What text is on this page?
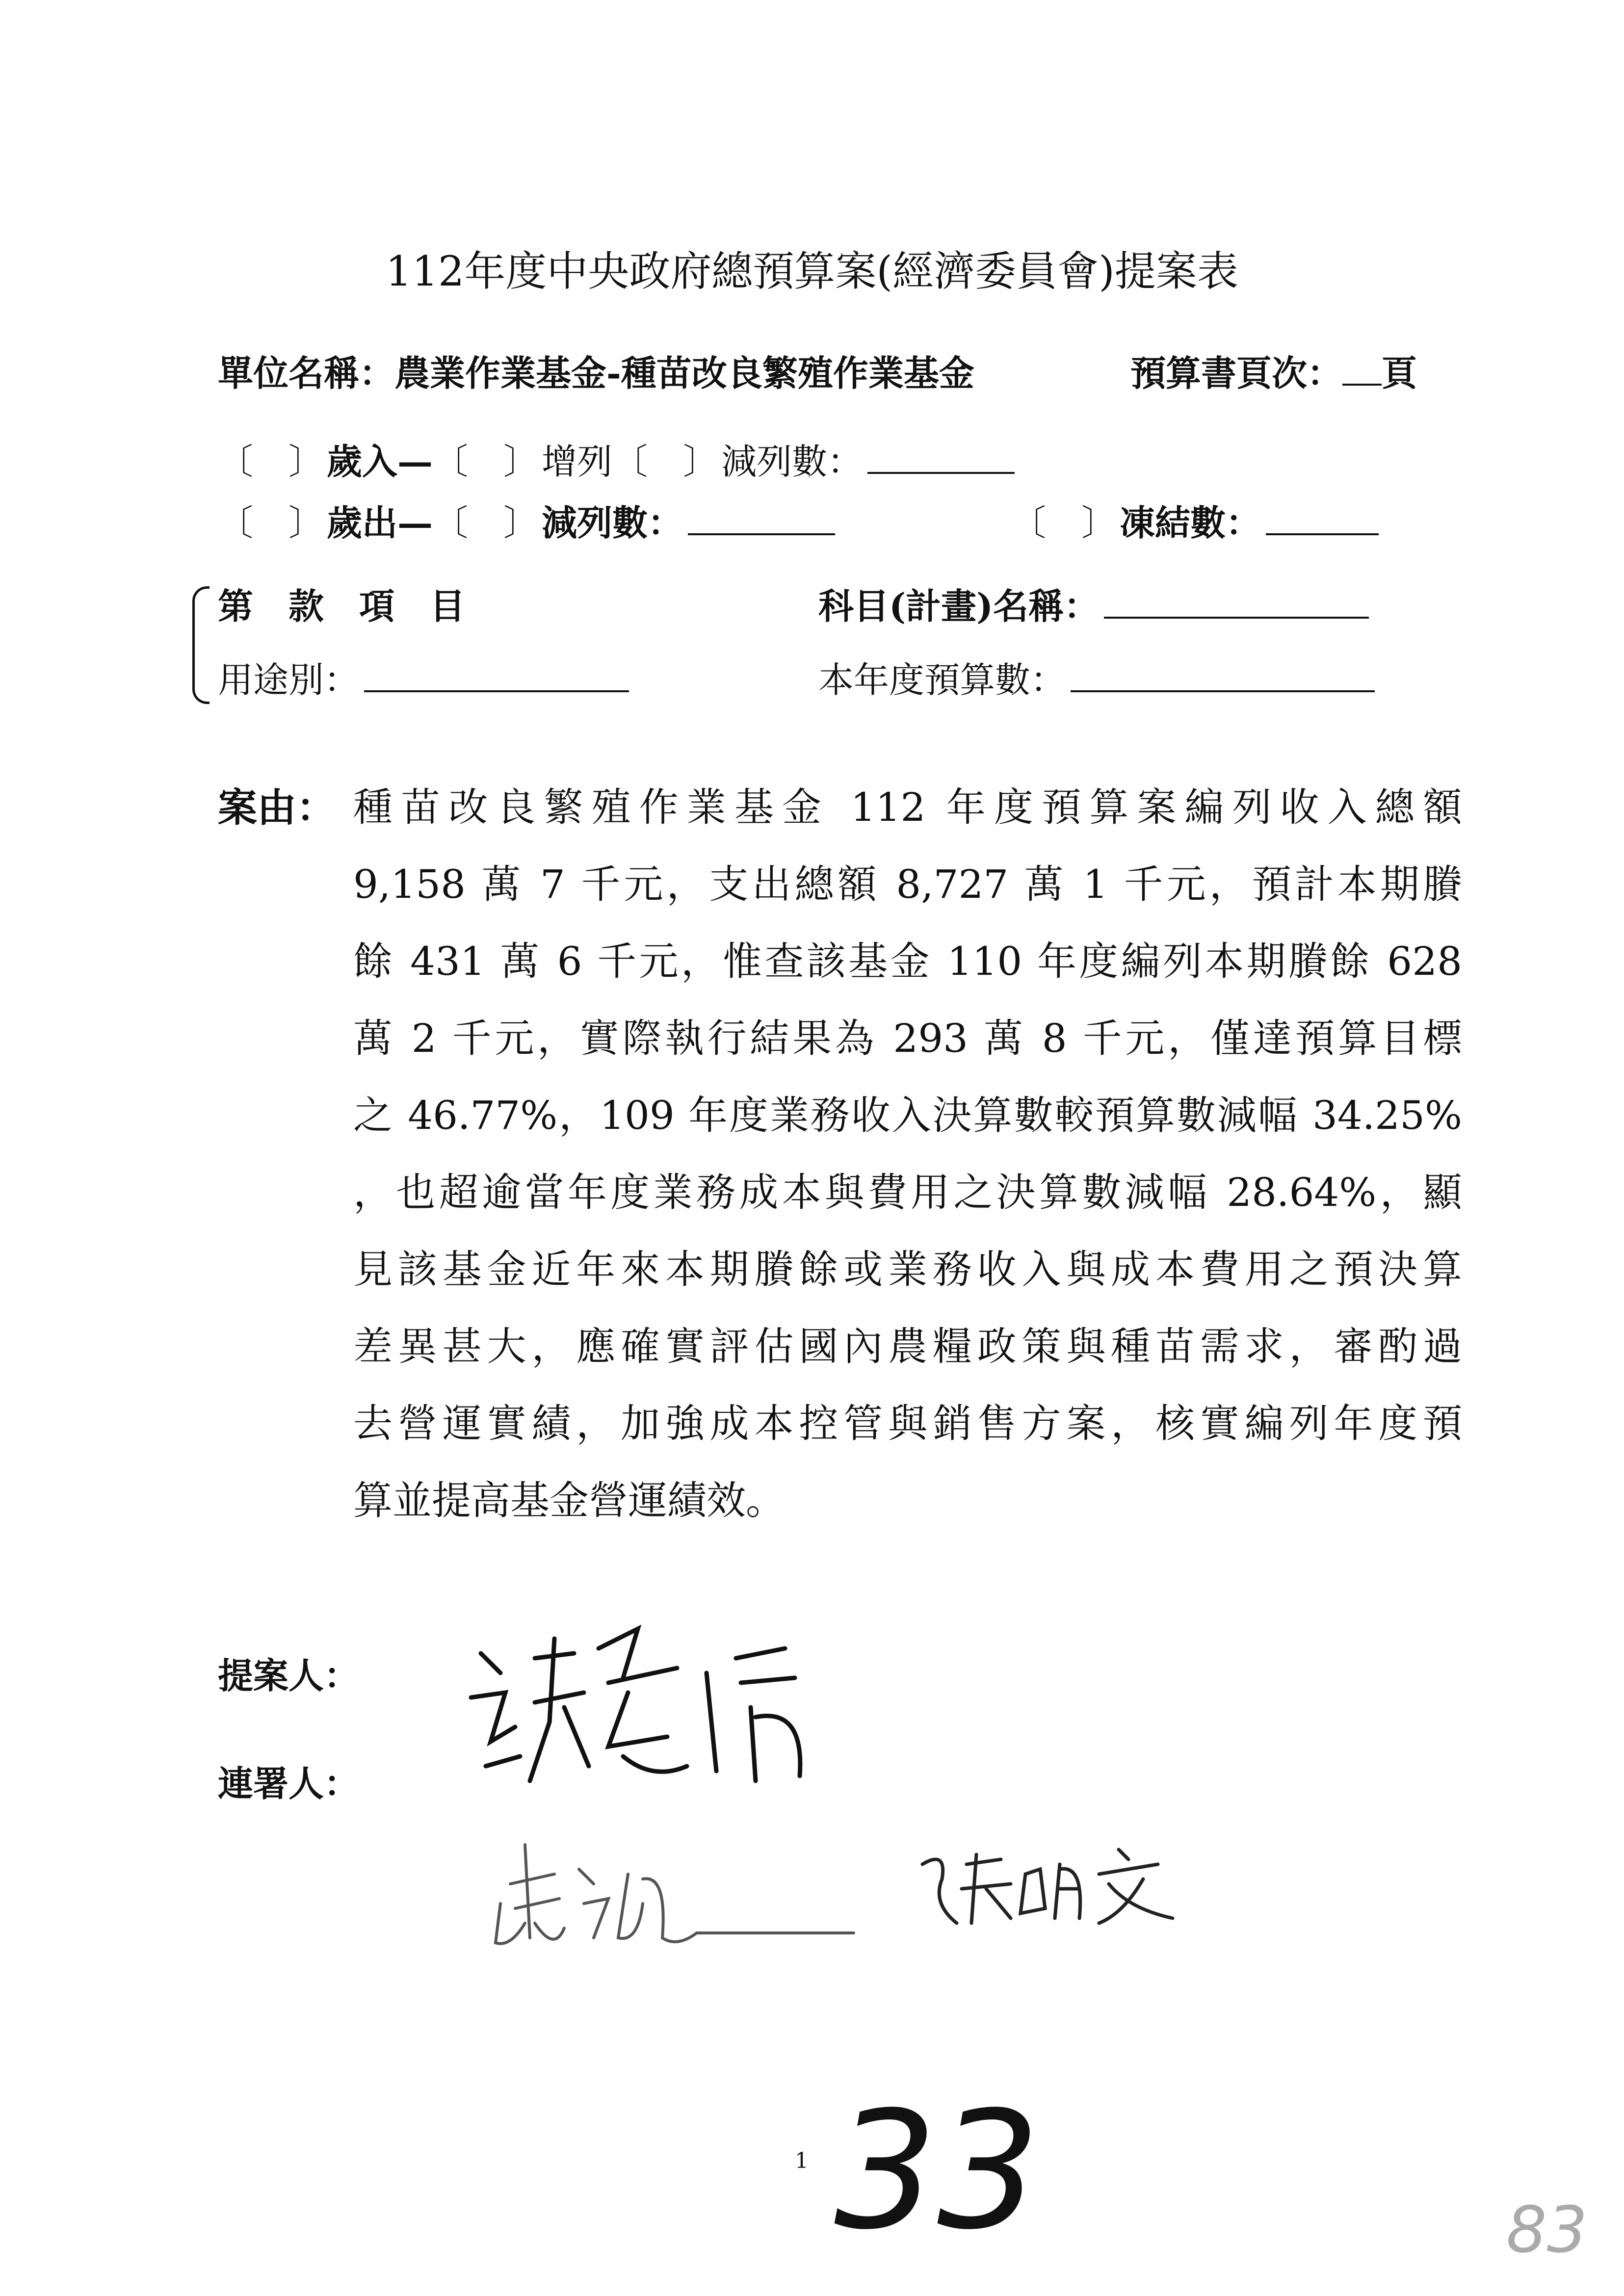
112年度中央政府總預算案(經濟委員會)提案表
單位名稱：農業作業基金-種苗改良繁殖作業基金	預算書頁次： 頁
〔　〕歲入—〔　〕增列〔　〕減列數：
〔　〕歲出—〔　〕減列數：	〔　〕凍結數：
第　款　項　目	科目(計畫)名稱：
用途別：	本年度預算數：
案由： 種苗改良繁殖作業基金 112 年度預算案編列收入總額
9,158 萬 7 千元，支出總額 8,727 萬 1 千元，預計本期賸
餘 431 萬 6 千元，惟查該基金 110 年度編列本期賸餘 628
萬 2 千元，實際執行結果為 293 萬 8 千元，僅達預算目標
之 46.77%，109 年度業務收入決算數較預算數減幅 34.25%
，也超逾當年度業務成本與費用之決算數減幅 28.64%，顯
見該基金近年來本期賸餘或業務收入與成本費用之預決算
差異甚大，應確實評估國內農糧政策與種苗需求，審酌過
去營運實績，加強成本控管與銷售方案，核實編列年度預
算並提高基金營運績效。
提案人：
連署人：
1 33	83
